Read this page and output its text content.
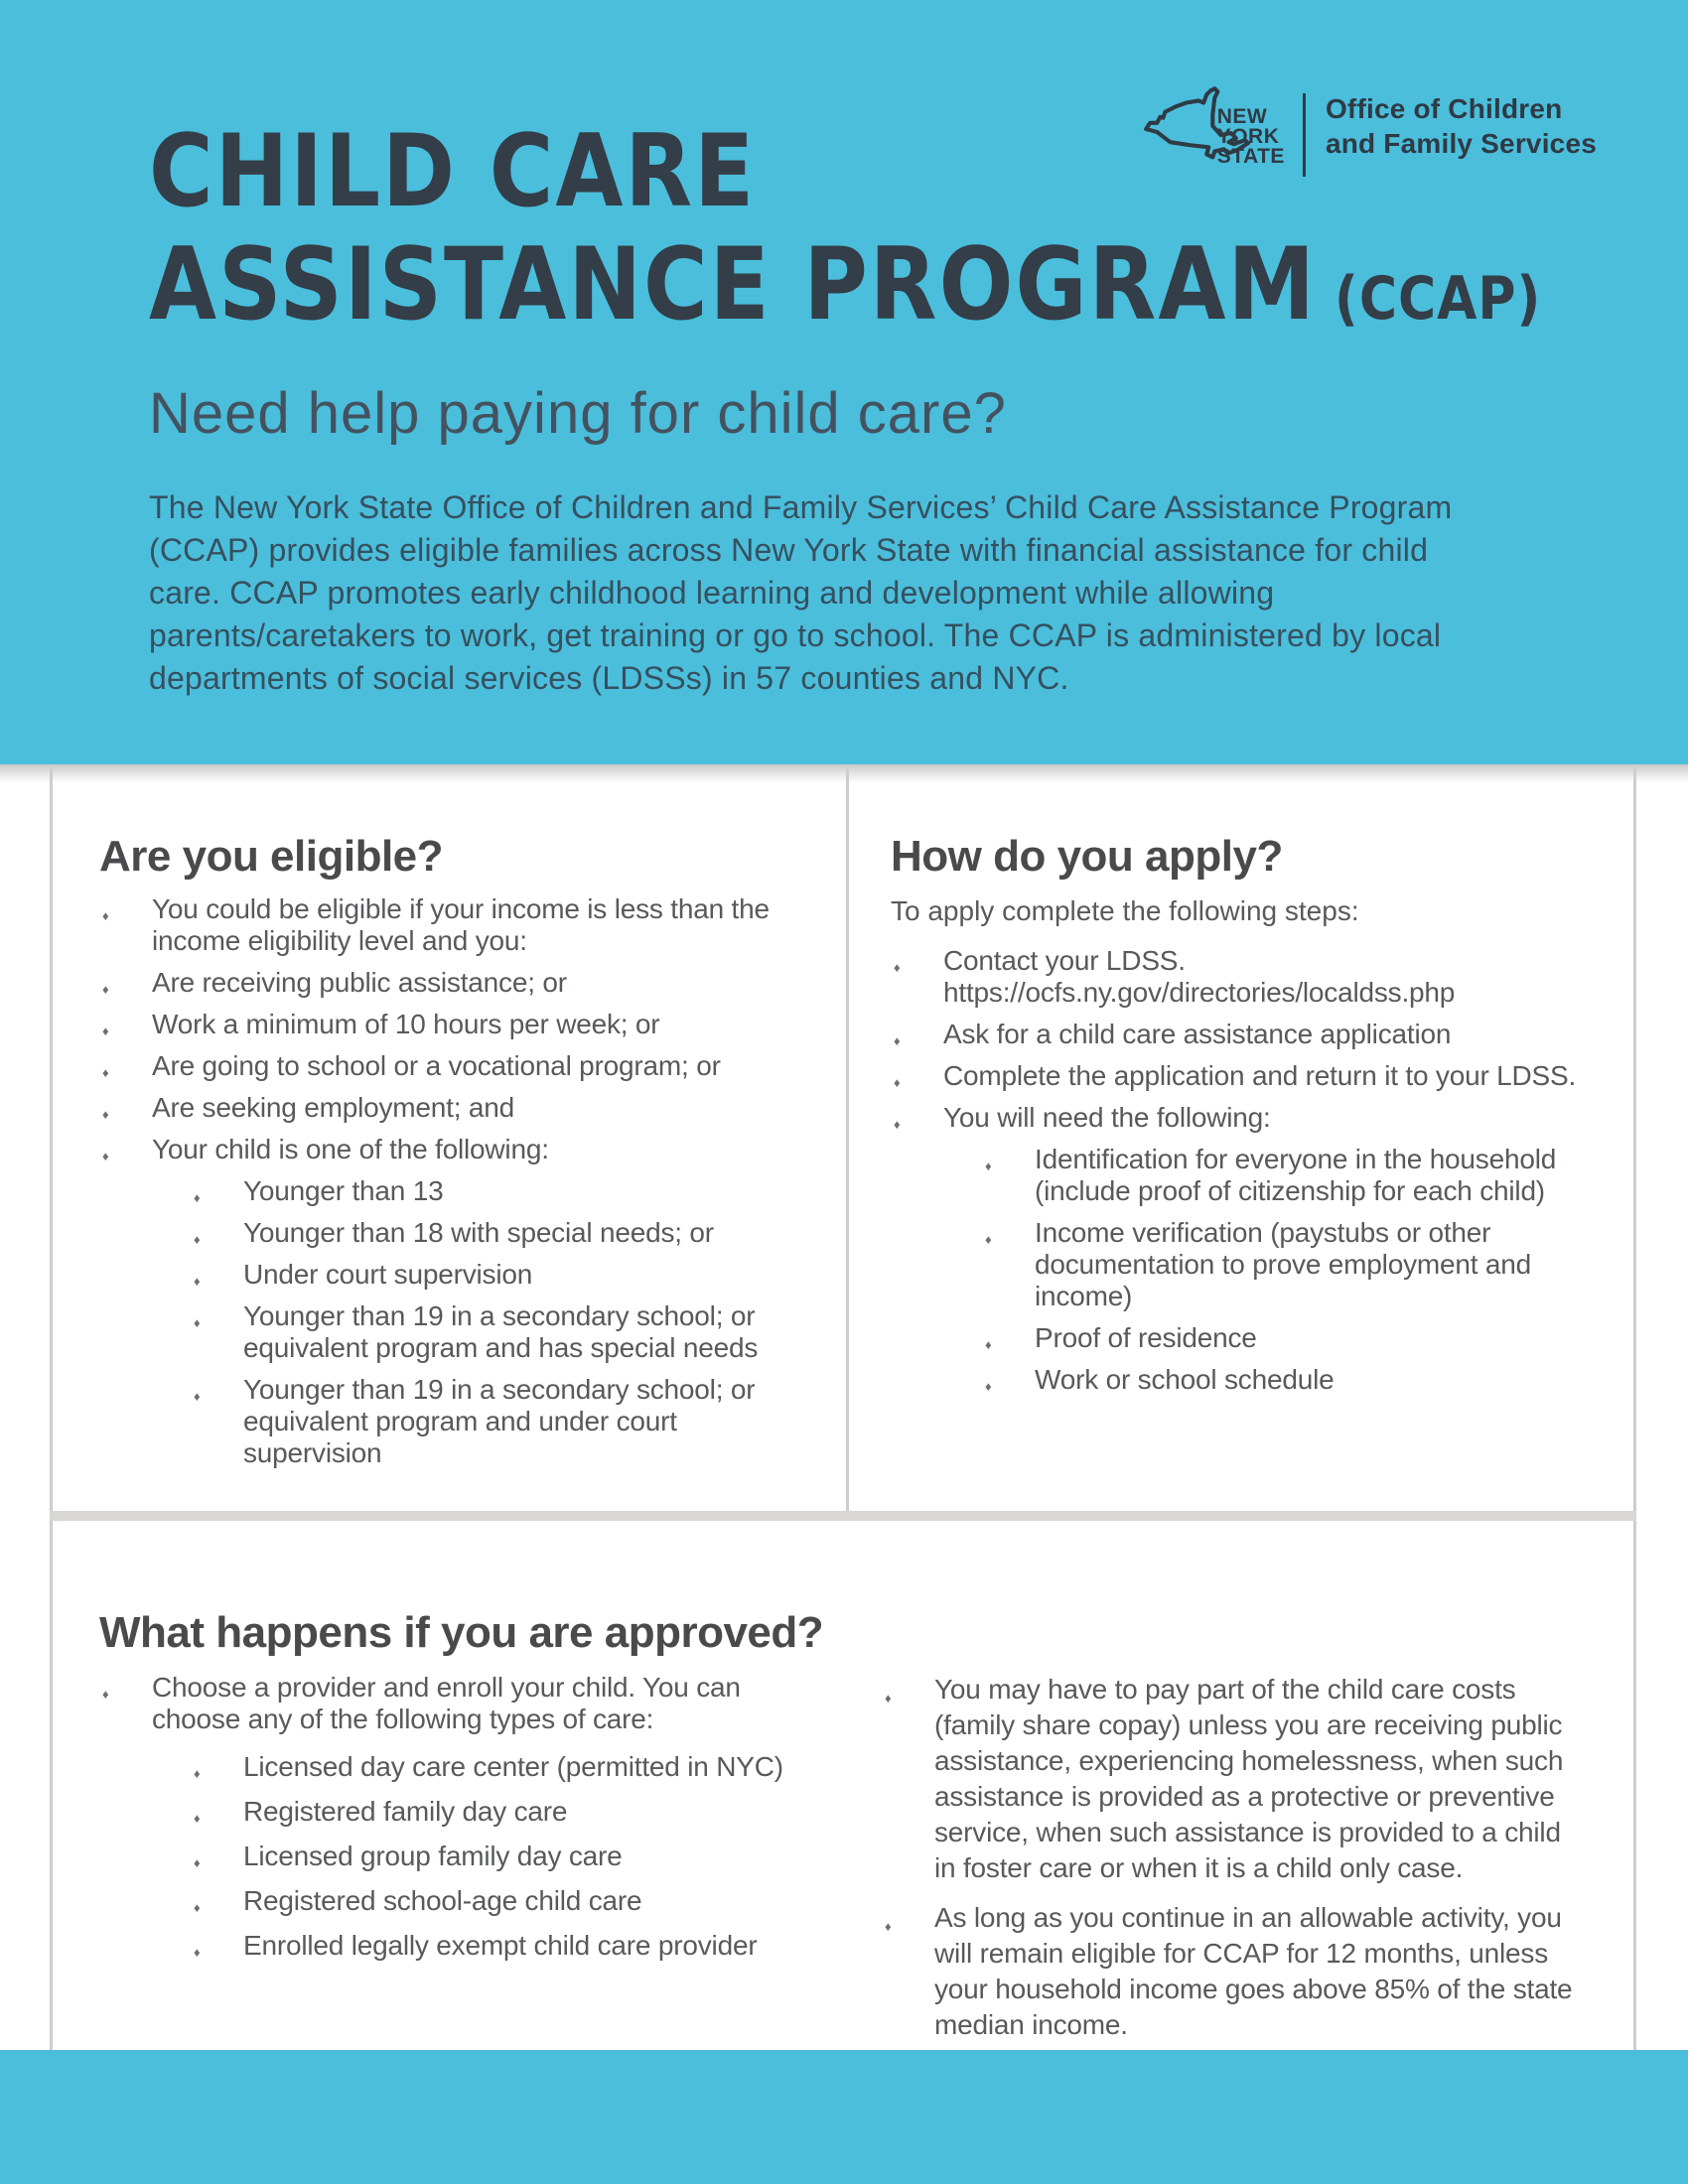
NEW
YORK
STATE
Office of Children
and Family Services
CHILD CARE
ASSISTANCE PROGRAM (CCAP)
Need help paying for child care?
The New York State Office of Children and Family Services’ Child Care Assistance Program (CCAP) provides eligible families across New York State with financial assistance for child care. CCAP promotes early childhood learning and development while allowing parents/caretakers to work, get training or go to school. The CCAP is administered by local departments of social services (LDSSs) in 57 counties and NYC.
Are you eligible?
♦ You could be eligible if your income is less than the income eligibility level and you:
♦ Are receiving public assistance; or
♦ Work a minimum of 10 hours per week; or
♦ Are going to school or a vocational program; or
♦ Are seeking employment; and
♦ Your child is one of the following:
♦ Younger than 13
♦ Younger than 18 with special needs; or
♦ Under court supervision
♦ Younger than 19 in a secondary school; or equivalent program and has special needs
♦ Younger than 19 in a secondary school; or equivalent program and under court supervision
How do you apply?
To apply complete the following steps:
♦ Contact your LDSS. https://ocfs.ny.gov/directories/localdss.php
♦ Ask for a child care assistance application
♦ Complete the application and return it to your LDSS.
♦ You will need the following:
♦ Identification for everyone in the household (include proof of citizenship for each child)
♦ Income verification (paystubs or other documentation to prove employment and income)
♦ Proof of residence
♦ Work or school schedule
What happens if you are approved?
♦ Choose a provider and enroll your child. You can choose any of the following types of care:
♦ Licensed day care center (permitted in NYC)
♦ Registered family day care
♦ Licensed group family day care
♦ Registered school-age child care
♦ Enrolled legally exempt child care provider
♦ You may have to pay part of the child care costs (family share copay) unless you are receiving public assistance, experiencing homelessness, when such assistance is provided as a protective or preventive service, when such assistance is provided to a child in foster care or when it is a child only case.
♦ As long as you continue in an allowable activity, you will remain eligible for CCAP for 12 months, unless your household income goes above 85% of the state median income.
